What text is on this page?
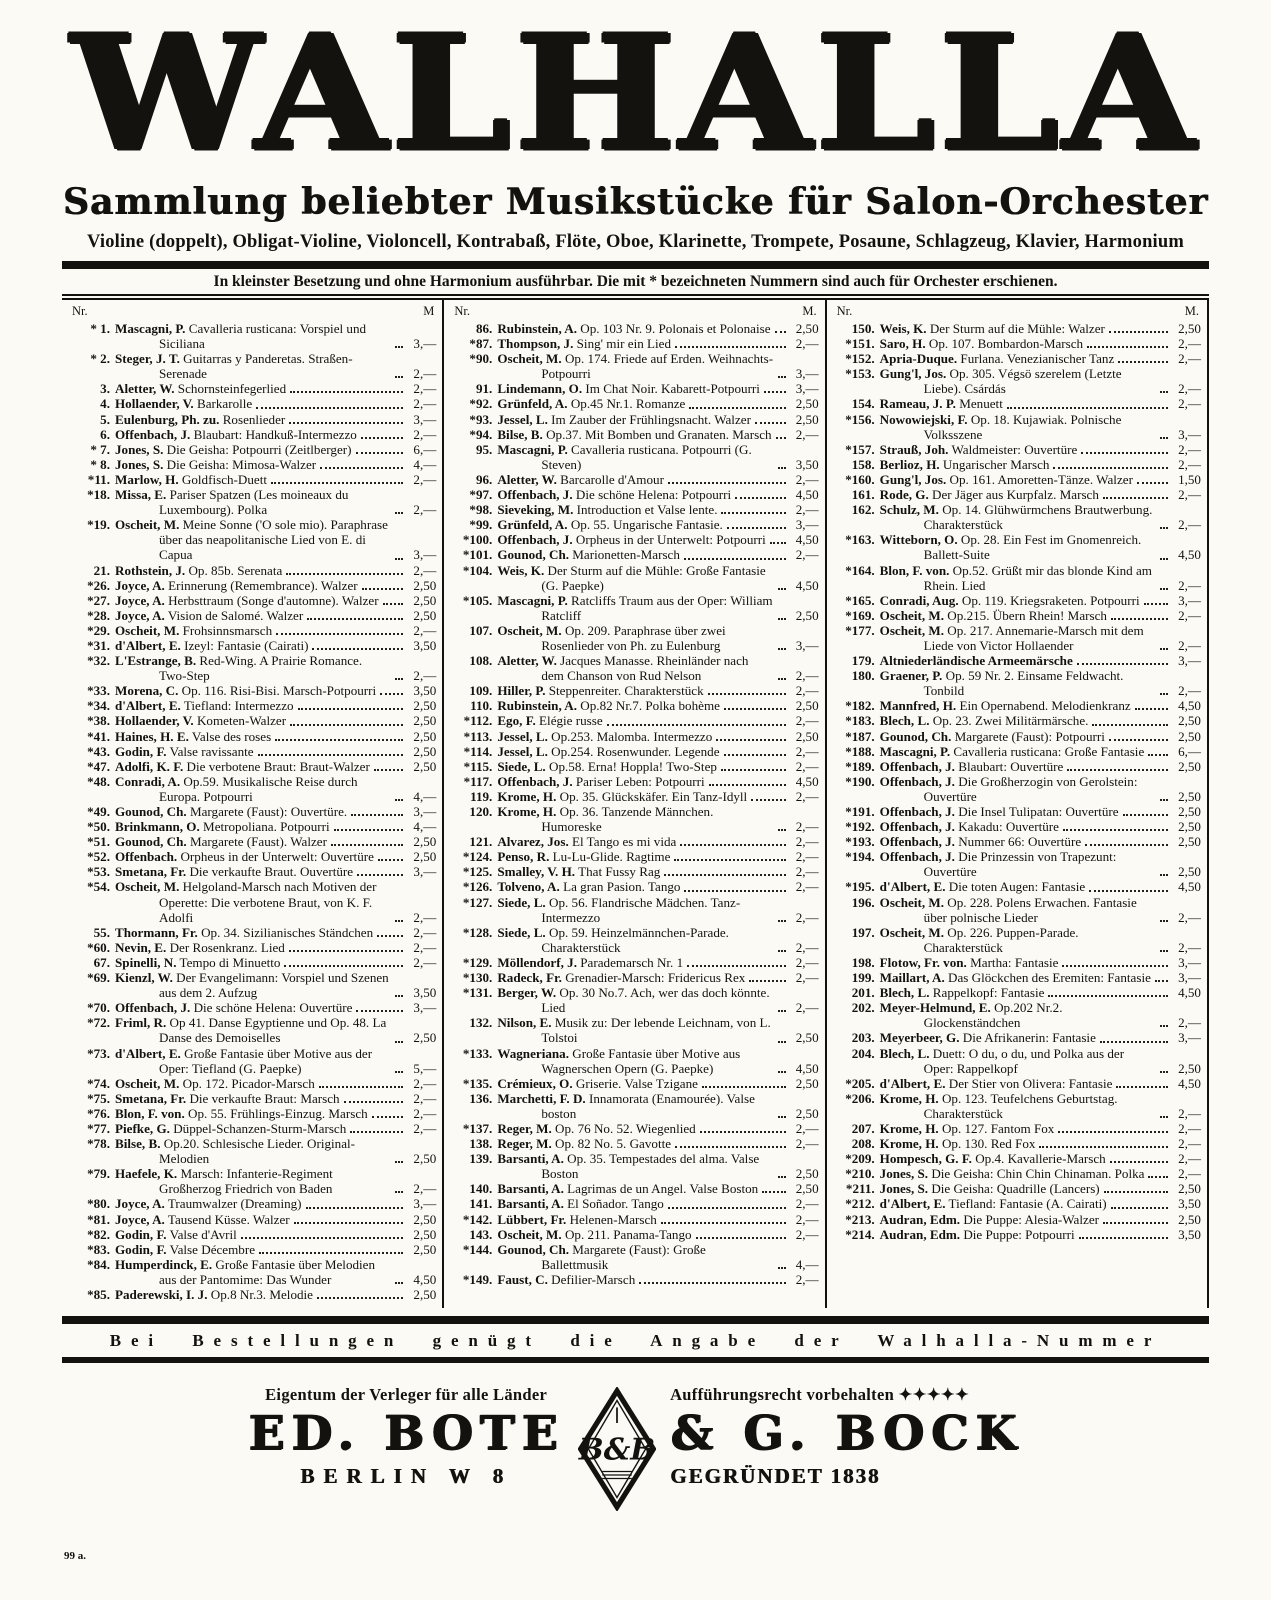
WALHALLA
Sammlung beliebter Musikstücke für Salon-Orchester
Violine (doppelt), Obligat-Violine, Violoncell, Kontrabaß, Flöte, Oboe, Klarinette, Trompete, Posaune, Schlagzeug, Klavier, Harmonium
In kleinster Besetzung und ohne Harmonium ausführbar. Die mit * bezeichneten Nummern sind auch für Orchester erschienen.
Nr.	M
* 1. Mascagni, P. Cavalleria rusticana: Vorspiel und Siciliana	3,—
* 2. Steger, J. T. Guitarras y Panderetas. Straßen-Serenade	2,—
3. Aletter, W. Schornsteinfegerlied	2,—
4. Hollaender, V. Barkarolle	2,—
5. Eulenburg, Ph. zu. Rosenlieder	3,—
6. Offenbach, J. Blaubart: Handkuß-Intermezzo	2,—
* 7. Jones, S. Die Geisha: Potpourri (Zeitlberger)	6,—
* 8. Jones, S. Die Geisha: Mimosa-Walzer	4,—
*11. Marlow, H. Goldfisch-Duett	2,—
*18. Missa, E. Pariser Spatzen (Les moineaux du Luxembourg). Polka	2,—
*19. Oscheit, M. Meine Sonne ('O sole mio). Paraphrase über das neapolitanische Lied von E. di Capua	3,—
21. Rothstein, J. Op. 85b. Serenata	2,—
*26. Joyce, A. Erinnerung (Remembrance). Walzer	2,50
*27. Joyce, A. Herbsttraum (Songe d'automne). Walzer	2,50
*28. Joyce, A. Vision de Salomé. Walzer	2,50
*29. Oscheit, M. Frohsinnsmarsch	2,—
*31. d'Albert, E. Izeyl: Fantasie (Cairati)	3,50
*32. L'Estrange, B. Red-Wing. A Prairie Romance. Two-Step	2,—
*33. Morena, C. Op. 116. Risi-Bisi. Marsch-Potpourri	3,50
*34. d'Albert, E. Tiefland: Intermezzo	2,50
*38. Hollaender, V. Kometen-Walzer	2,50
*41. Haines, H. E. Valse des roses	2,50
*43. Godin, F. Valse ravissante	2,50
*47. Adolfi, K. F. Die verbotene Braut: Braut-Walzer	2,50
*48. Conradi, A. Op.59. Musikalische Reise durch Europa. Potpourri	4,—
*49. Gounod, Ch. Margarete (Faust): Ouvertüre.	3,—
*50. Brinkmann, O. Metropoliana. Potpourri	4,—
*51. Gounod, Ch. Margarete (Faust). Walzer	2,50
*52. Offenbach. Orpheus in der Unterwelt: Ouvertüre	2,50
*53. Smetana, Fr. Die verkaufte Braut. Ouvertüre	3,—
*54. Oscheit, M. Helgoland-Marsch nach Motiven der Operette: Die verbotene Braut, von K. F. Adolfi	2,—
55. Thormann, Fr. Op. 34. Sizilianisches Ständchen	2,—
*60. Nevin, E. Der Rosenkranz. Lied	2,—
67. Spinelli, N. Tempo di Minuetto	2,—
*69. Kienzl, W. Der Evangelimann: Vorspiel und Szenen aus dem 2. Aufzug	3,50
*70. Offenbach, J. Die schöne Helena: Ouvertüre	3,—
*72. Friml, R. Op 41. Danse Egyptienne und Op. 48. La Danse des Demoiselles	2,50
*73. d'Albert, E. Große Fantasie über Motive aus der Oper: Tiefland (G. Paepke)	5,—
*74. Oscheit, M. Op. 172. Picador-Marsch	2,—
*75. Smetana, Fr. Die verkaufte Braut: Marsch	2,—
*76. Blon, F. von. Op. 55. Frühlings-Einzug. Marsch	2,—
*77. Piefke, G. Düppel-Schanzen-Sturm-Marsch	2,—
*78. Bilse, B. Op.20. Schlesische Lieder. Original-Melodien	2,50
*79. Haefele, K. Marsch: Infanterie-Regiment Großherzog Friedrich von Baden	2,—
*80. Joyce, A. Traumwalzer (Dreaming)	3,—
*81. Joyce, A. Tausend Küsse. Walzer	2,50
*82. Godin, F. Valse d'Avril	2,50
*83. Godin, F. Valse Décembre	2,50
*84. Humperdinck, E. Große Fantasie über Melodien aus der Pantomime: Das Wunder	4,50
*85. Paderewski, I. J. Op.8 Nr.3. Melodie	2,50
Nr.	M.
86. Rubinstein, A. Op. 103 Nr. 9. Polonais et Polonaise	2,50
*87. Thompson, J. Sing' mir ein Lied	2,—
*90. Oscheit, M. Op. 174. Friede auf Erden. Weihnachts-Potpourri	3,—
91. Lindemann, O. Im Chat Noir. Kabarett-Potpourri	3,—
*92. Grünfeld, A. Op.45 Nr.1. Romanze	2,50
*93. Jessel, L. Im Zauber der Frühlingsnacht. Walzer	2,50
*94. Bilse, B. Op.37. Mit Bomben und Granaten. Marsch	2,—
95. Mascagni, P. Cavalleria rusticana. Potpourri (G. Steven)	3,50
96. Aletter, W. Barcarolle d'Amour	2,—
*97. Offenbach, J. Die schöne Helena: Potpourri	4,50
*98. Sieveking, M. Introduction et Valse lente.	2,—
*99. Grünfeld, A. Op. 55. Ungarische Fantasie.	3,—
*100. Offenbach, J. Orpheus in der Unterwelt: Potpourri	4,50
*101. Gounod, Ch. Marionetten-Marsch	2,—
*104. Weis, K. Der Sturm auf die Mühle: Große Fantasie (G. Paepke)	4,50
*105. Mascagni, P. Ratcliffs Traum aus der Oper: William Ratcliff	2,50
107. Oscheit, M. Op. 209. Paraphrase über zwei Rosenlieder von Ph. zu Eulenburg	3,—
108. Aletter, W. Jacques Manasse. Rheinländer nach dem Chanson von Rud Nelson	2,—
109. Hiller, P. Steppenreiter. Charakterstück	2,—
110. Rubinstein, A. Op.82 Nr.7. Polka bohème	2,50
*112. Ego, F. Elégie russe	2,—
*113. Jessel, L. Op.253. Malomba. Intermezzo	2,50
*114. Jessel, L. Op.254. Rosenwunder. Legende	2,—
*115. Siede, L. Op.58. Erna! Hoppla! Two-Step	2,—
*117. Offenbach, J. Pariser Leben: Potpourri	4,50
119. Krome, H. Op. 35. Glückskäfer. Ein Tanz-Idyll	2,—
120. Krome, H. Op. 36. Tanzende Männchen. Humoreske	2,—
121. Alvarez, Jos. El Tango es mi vida	2,—
*124. Penso, R. Lu-Lu-Glide. Ragtime	2,—
*125. Smalley, V. H. That Fussy Rag	2,—
*126. Tolveno, A. La gran Pasion. Tango	2,—
*127. Siede, L. Op. 56. Flandrische Mädchen. Tanz-Intermezzo	2,—
*128. Siede, L. Op. 59. Heinzelmännchen-Parade. Charakterstück	2,—
*129. Möllendorf, J. Parademarsch Nr. 1	2,—
*130. Radeck, Fr. Grenadier-Marsch: Fridericus Rex	2,—
*131. Berger, W. Op. 30 No.7. Ach, wer das doch könnte. Lied	2,—
132. Nilson, E. Musik zu: Der lebende Leichnam, von L. Tolstoi	2,50
*133. Wagneriana. Große Fantasie über Motive aus Wagnerschen Opern (G. Paepke)	4,50
*135. Crémieux, O. Griserie. Valse Tzigane	2,50
136. Marchetti, F. D. Innamorata (Enamourée). Valse boston	2,50
*137. Reger, M. Op. 76 No. 52. Wiegenlied	2,—
138. Reger, M. Op. 82 No. 5. Gavotte	2,—
139. Barsanti, A. Op. 35. Tempestades del alma. Valse Boston	2,50
140. Barsanti, A. Lagrimas de un Angel. Valse Boston	2,50
141. Barsanti, A. El Soñador. Tango	2,—
*142. Lübbert, Fr. Helenen-Marsch	2,—
143. Oscheit, M. Op. 211. Panama-Tango	2,—
*144. Gounod, Ch. Margarete (Faust): Große Ballettmusik	4,—
*149. Faust, C. Defilier-Marsch	2,—
Nr.	M.
150. Weis, K. Der Sturm auf die Mühle: Walzer	2,50
*151. Saro, H. Op. 107. Bombardon-Marsch	2,—
*152. Apria-Duque. Furlana. Venezianischer Tanz	2,—
*153. Gung'l, Jos. Op. 305. Végsö szerelem (Letzte Liebe). Csárdás	2,—
154. Rameau, J. P. Menuett	2,—
*156. Nowowiejski, F. Op. 18. Kujawiak. Polnische Volksszene	3,—
*157. Strauß, Joh. Waldmeister: Ouvertüre	2,—
158. Berlioz, H. Ungarischer Marsch	2,—
*160. Gung'l, Jos. Op. 161. Amoretten-Tänze. Walzer	1,50
161. Rode, G. Der Jäger aus Kurpfalz. Marsch	2,—
162. Schulz, M. Op. 14. Glühwürmchens Brautwerbung. Charakterstück	2,—
*163. Witteborn, O. Op. 28. Ein Fest im Gnomenreich. Ballett-Suite	4,50
*164. Blon, F. von. Op.52. Grüßt mir das blonde Kind am Rhein. Lied	2,—
*165. Conradi, Aug. Op. 119. Kriegsraketen. Potpourri	3,—
*169. Oscheit, M. Op.215. Übern Rhein! Marsch	2,—
*177. Oscheit, M. Op. 217. Annemarie-Marsch mit dem Liede von Victor Hollaender	2,—
179. Altniederländische Armeemärsche	3,—
180. Graener, P. Op. 59 Nr. 2. Einsame Feldwacht. Tonbild	2,—
*182. Mannfred, H. Ein Opernabend. Melodienkranz	4,50
*183. Blech, L. Op. 23. Zwei Militärmärsche.	2,50
*187. Gounod, Ch. Margarete (Faust): Potpourri	2,50
*188. Mascagni, P. Cavalleria rusticana: Große Fantasie	6,—
*189. Offenbach, J. Blaubart: Ouvertüre	2,50
*190. Offenbach, J. Die Großherzogin von Gerolstein: Ouvertüre	2,50
*191. Offenbach, J. Die Insel Tulipatan: Ouvertüre	2,50
*192. Offenbach, J. Kakadu: Ouvertüre	2,50
*193. Offenbach, J. Nummer 66: Ouvertüre	2,50
*194. Offenbach, J. Die Prinzessin von Trapezunt: Ouvertüre	2,50
*195. d'Albert, E. Die toten Augen: Fantasie	4,50
196. Oscheit, M. Op. 228. Polens Erwachen. Fantasie über polnische Lieder	2,—
197. Oscheit, M. Op. 226. Puppen-Parade. Charakterstück	2,—
198. Flotow, Fr. von. Martha: Fantasie	3,—
199. Maillart, A. Das Glöckchen des Eremiten: Fantasie	3,—
201. Blech, L. Rappelkopf: Fantasie	4,50
202. Meyer-Helmund, E. Op.202 Nr.2. Glockenständchen	2,—
203. Meyerbeer, G. Die Afrikanerin: Fantasie	3,—
204. Blech, L. Duett: O du, o du, und Polka aus der Oper: Rappelkopf	2,50
*205. d'Albert, E. Der Stier von Olivera: Fantasie	4,50
*206. Krome, H. Op. 123. Teufelchens Geburtstag. Charakterstück	2,—
207. Krome, H. Op. 127. Fantom Fox	2,—
208. Krome, H. Op. 130. Red Fox	2,—
*209. Hompesch, G. F. Op.4. Kavallerie-Marsch	2,—
*210. Jones, S. Die Geisha: Chin Chin Chinaman. Polka	2,—
*211. Jones, S. Die Geisha: Quadrille (Lancers)	2,50
*212. d'Albert, E. Tiefland: Fantasie (A. Cairati)	3,50
*213. Audran, Edm. Die Puppe: Alesia-Walzer	2,50
*214. Audran, Edm. Die Puppe: Potpourri	3,50
Bei Bestellungen genügt die Angabe der Walhalla-Nummer
Eigentum der Verleger für alle Länder
ED. BOTE
BERLIN W 8
B&B
Aufführungsrecht vorbehalten ✦✦✦✦✦
& G. BOCK
GEGRÜNDET 1838
99 a.
